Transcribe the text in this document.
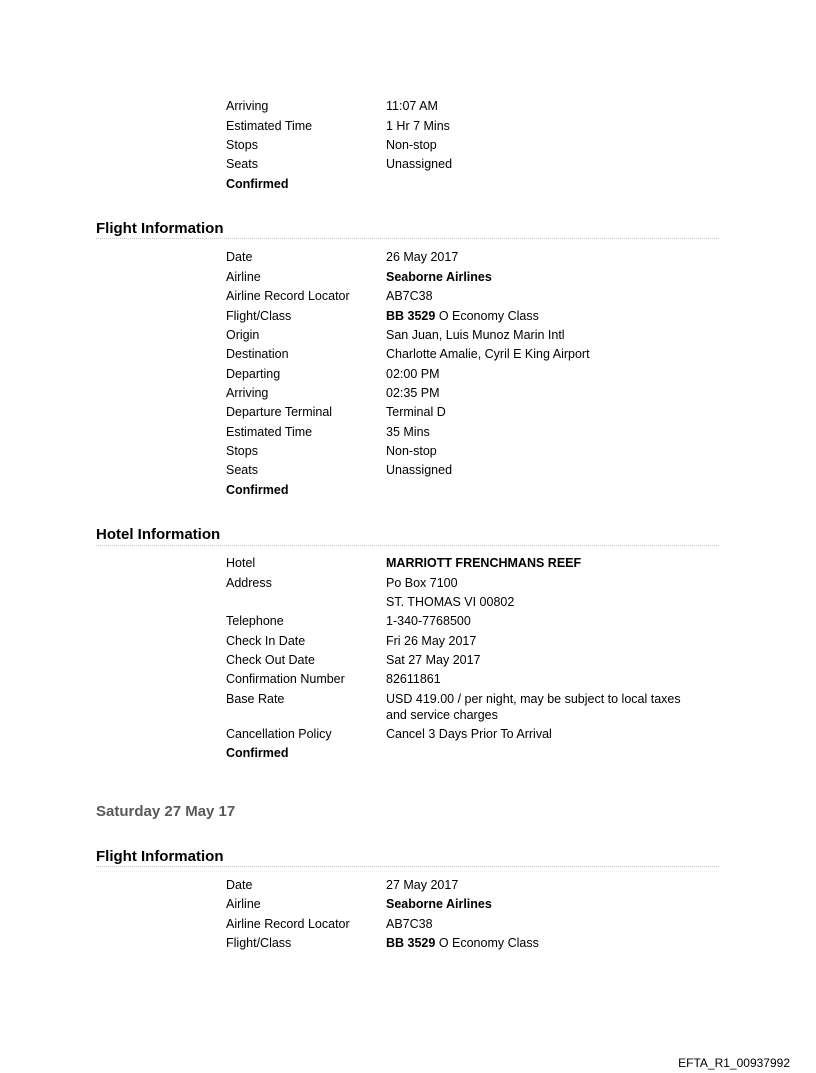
Arriving	11:07 AM
Estimated Time	1 Hr 7 Mins
Stops	Non-stop
Seats	Unassigned
Confirmed
Flight Information
Date	26 May 2017
Airline	Seaborne Airlines
Airline Record Locator	AB7C38
Flight/Class	BB 3529 O Economy Class
Origin	San Juan, Luis Munoz Marin Intl
Destination	Charlotte Amalie, Cyril E King Airport
Departing	02:00 PM
Arriving	02:35 PM
Departure Terminal	Terminal D
Estimated Time	35 Mins
Stops	Non-stop
Seats	Unassigned
Confirmed
Hotel Information
Hotel	MARRIOTT FRENCHMANS REEF
Address	Po Box 7100
ST. THOMAS VI 00802
Telephone	1-340-7768500
Check In Date	Fri 26 May 2017
Check Out Date	Sat 27 May 2017
Confirmation Number	82611861
Base Rate	USD 419.00 / per night, may be subject to local taxes and service charges
Cancellation Policy	Cancel 3 Days Prior To Arrival
Confirmed
Saturday 27 May 17
Flight Information
Date	27 May 2017
Airline	Seaborne Airlines
Airline Record Locator	AB7C38
Flight/Class	BB 3529 O Economy Class
EFTA_R1_00937992
